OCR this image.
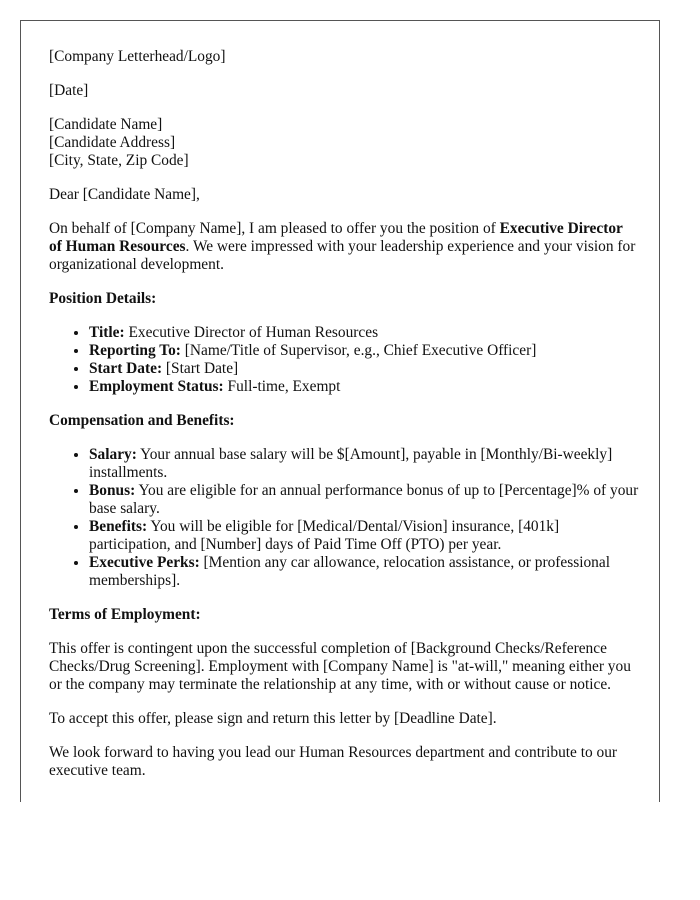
[Company Letterhead/Logo]

[Date]

[Candidate Name]
[Candidate Address]
[City, State, Zip Code]

Dear [Candidate Name],

On behalf of [Company Name], I am pleased to offer you the position of Executive Director of Human Resources. We were impressed with your leadership experience and your vision for organizational development.

Position Details:

• Title: Executive Director of Human Resources
• Reporting To: [Name/Title of Supervisor, e.g., Chief Executive Officer]
• Start Date: [Start Date]
• Employment Status: Full-time, Exempt

Compensation and Benefits:

• Salary: Your annual base salary will be $[Amount], payable in [Monthly/Bi-weekly] installments.
• Bonus: You are eligible for an annual performance bonus of up to [Percentage]% of your base salary.
• Benefits: You will be eligible for [Medical/Dental/Vision] insurance, [401k] participation, and [Number] days of Paid Time Off (PTO) per year.
• Executive Perks: [Mention any car allowance, relocation assistance, or professional memberships].

Terms of Employment:

This offer is contingent upon the successful completion of [Background Checks/Reference Checks/Drug Screening]. Employment with [Company Name] is "at-will," meaning either you or the company may terminate the relationship at any time, with or without cause or notice.

To accept this offer, please sign and return this letter by [Deadline Date].

We look forward to having you lead our Human Resources department and contribute to our executive team.
